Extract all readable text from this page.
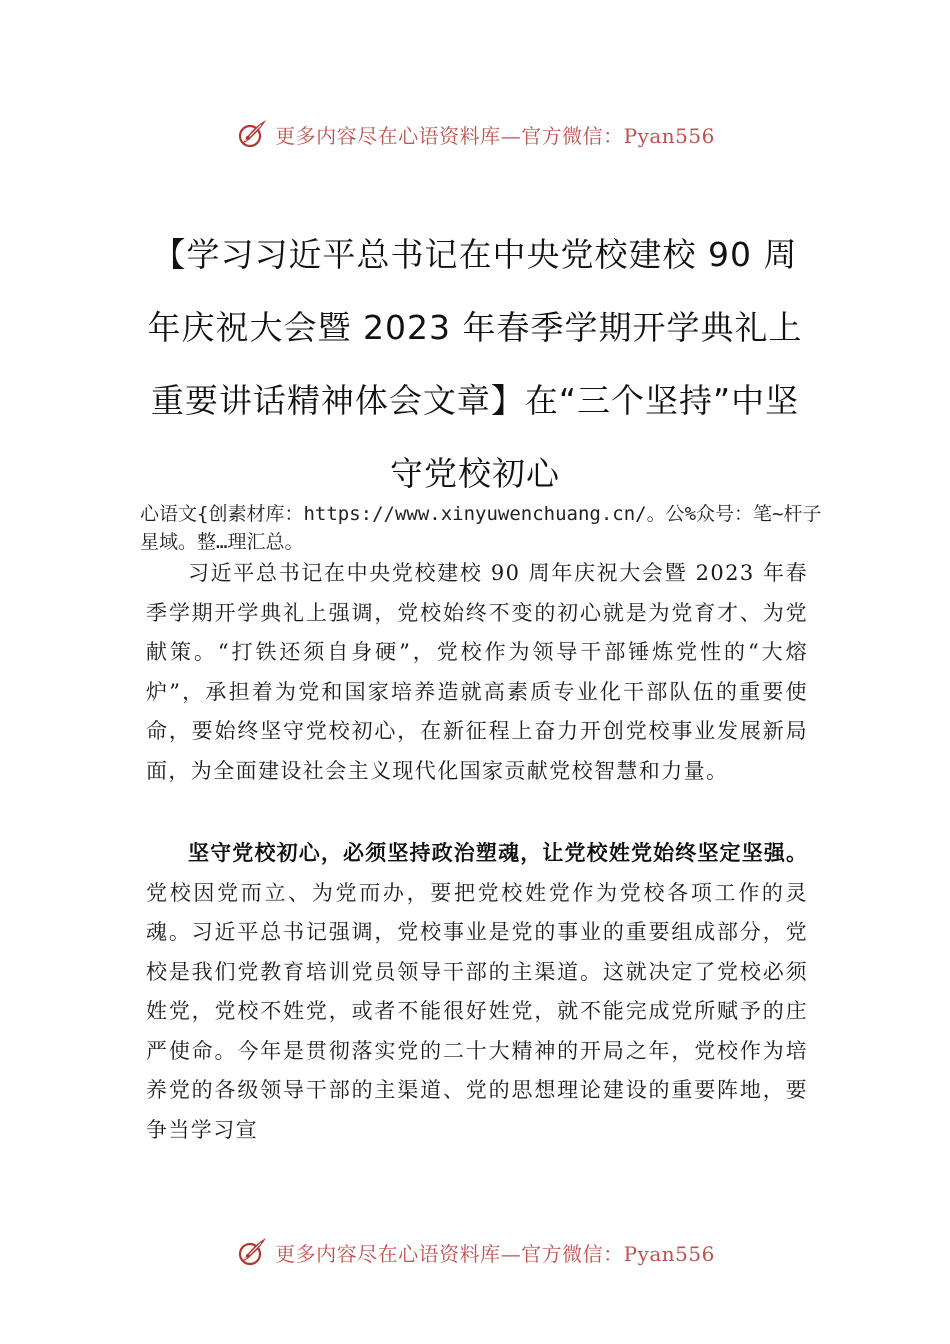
更多内容尽在心语资料库—官方微信：Pyan556
【学习习近平总书记在中央党校建校 90 周年庆祝大会暨 2023 年春季学期开学典礼上重要讲话精神体会文章】在“三个坚持”中坚守党校初心
心语文{创素材库：https://www.xinyuwenchuang.cn/。公%众号：笔~杆子星域。整…理汇总。

习近平总书记在中央党校建校 90 周年庆祝大会暨 2023 年春季学期开学典礼上强调，党校始终不变的初心就是为党育才、为党献策。“打铁还须自身硬”，党校作为领导干部锤炼党性的“大熔炉”，承担着为党和国家培养造就高素质专业化干部队伍的重要使命，要始终坚守党校初心，在新征程上奋力开创党校事业发展新局面，为全面建设社会主义现代化国家贡献党校智慧和力量。

坚守党校初心，必须坚持政治塑魂，让党校姓党始终坚定坚强。党校因党而立、为党而办，要把党校姓党作为党校各项工作的灵魂。习近平总书记强调，党校事业是党的事业的重要组成部分，党校是我们党教育培训党员领导干部的主渠道。这就决定了党校必须姓党，党校不姓党，或者不能很好姓党，就不能完成党所赋予的庄严使命。今年是贯彻落实党的二十大精神的开局之年，党校作为培养党的各级领导干部的主渠道、党的思想理论建设的重要阵地，要争当学习宣

更多内容尽在心语资料库—官方微信：Pyan556
